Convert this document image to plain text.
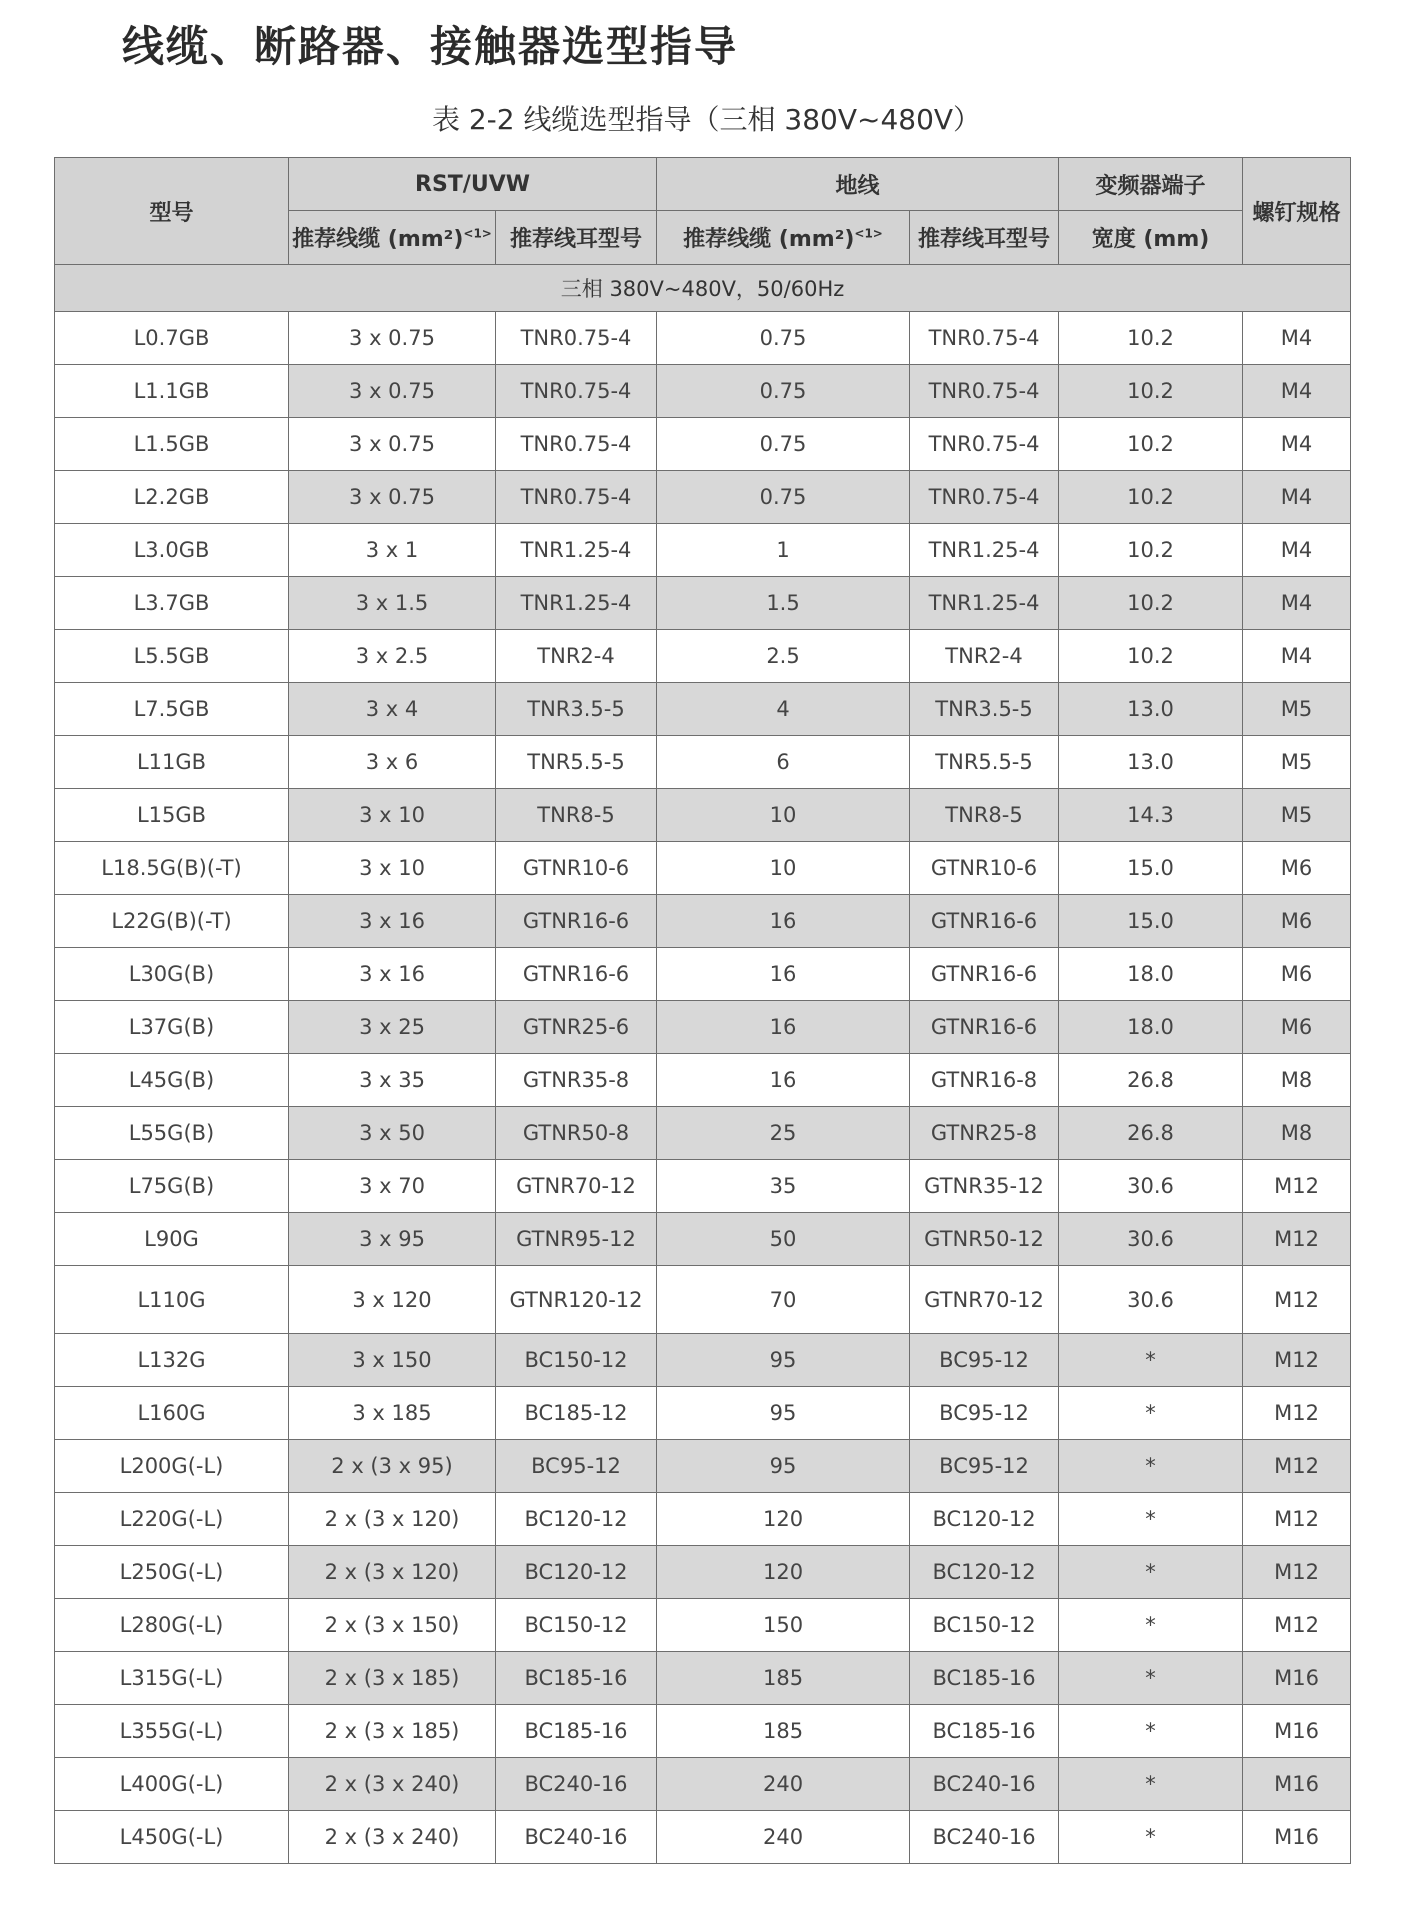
线缆、断路器、接触器选型指导
表 2-2 线缆选型指导（三相 380V~480V）
型号	RST/UVW		地线		变频器端子	螺钉规格
	推荐线缆 $(mm^2)^{<1>}$	推荐线耳型号	推荐线缆 $(mm^2)^{<1>}$	推荐线耳型号	宽度 (mm)	
三相 380V~480V，50/60Hz						
L0.7GB	3 x 0.75	TNR0.75-4	0.75	TNR0.75-4	10.2	M4
L1.1GB	3 x 0.75	TNR0.75-4	0.75	TNR0.75-4	10.2	M4
L1.5GB	3 x 0.75	TNR0.75-4	0.75	TNR0.75-4	10.2	M4
L2.2GB	3 x 0.75	TNR0.75-4	0.75	TNR0.75-4	10.2	M4
L3.0GB	3 x 1	TNR1.25-4	1	TNR1.25-4	10.2	M4
L3.7GB	3 x 1.5	TNR1.25-4	1.5	TNR1.25-4	10.2	M4
L5.5GB	3 x 2.5	TNR2-4	2.5	TNR2-4	10.2	M4
L7.5GB	3 x 4	TNR3.5-5	4	TNR3.5-5	13.0	M5
L11GB	3 x 6	TNR5.5-5	6	TNR5.5-5	13.0	M5
L15GB	3 x 10	TNR8-5	10	TNR8-5	14.3	M5
L18.5G(B)(-T)	3 x 10	GTNR10-6	10	GTNR10-6	15.0	M6
L22G(B)(-T)	3 x 16	GTNR16-6	16	GTNR16-6	15.0	M6
L30G(B)	3 x 16	GTNR16-6	16	GTNR16-6	18.0	M6
L37G(B)	3 x 25	GTNR25-6	16	GTNR16-6	18.0	M6
L45G(B)	3 x 35	GTNR35-8	16	GTNR16-8	26.8	M8
L55G(B)	3 x 50	GTNR50-8	25	GTNR25-8	26.8	M8
L75G(B)	3 x 70	GTNR70-12	35	GTNR35-12	30.6	M12
L90G	3 x 95	GTNR95-12	50	GTNR50-12	30.6	M12
L110G	3 x 120	GTNR120-12	70	GTNR70-12	30.6	M12
L132G	3 x 150	BC150-12	95	BC95-12	*	M12
L160G	3 x 185	BC185-12	95	BC95-12	*	M12
L200G(-L)	2 x (3 x 95)	BC95-12	95	BC95-12	*	M12
L220G(-L)	2 x (3 x 120)	BC120-12	120	BC120-12	*	M12
L250G(-L)	2 x (3 x 120)	BC120-12	120	BC120-12	*	M12
L280G(-L)	2 x (3 x 150)	BC150-12	150	BC150-12	*	M12
L315G(-L)	2 x (3 x 185)	BC185-16	185	BC185-16	*	M16
L355G(-L)	2 x (3 x 185)	BC185-16	185	BC185-16	*	M16
L400G(-L)	2 x (3 x 240)	BC240-16	240	BC240-16	*	M16
L450G(-L)	2 x (3 x 240)	BC240-16	240	BC240-16	*	M16
